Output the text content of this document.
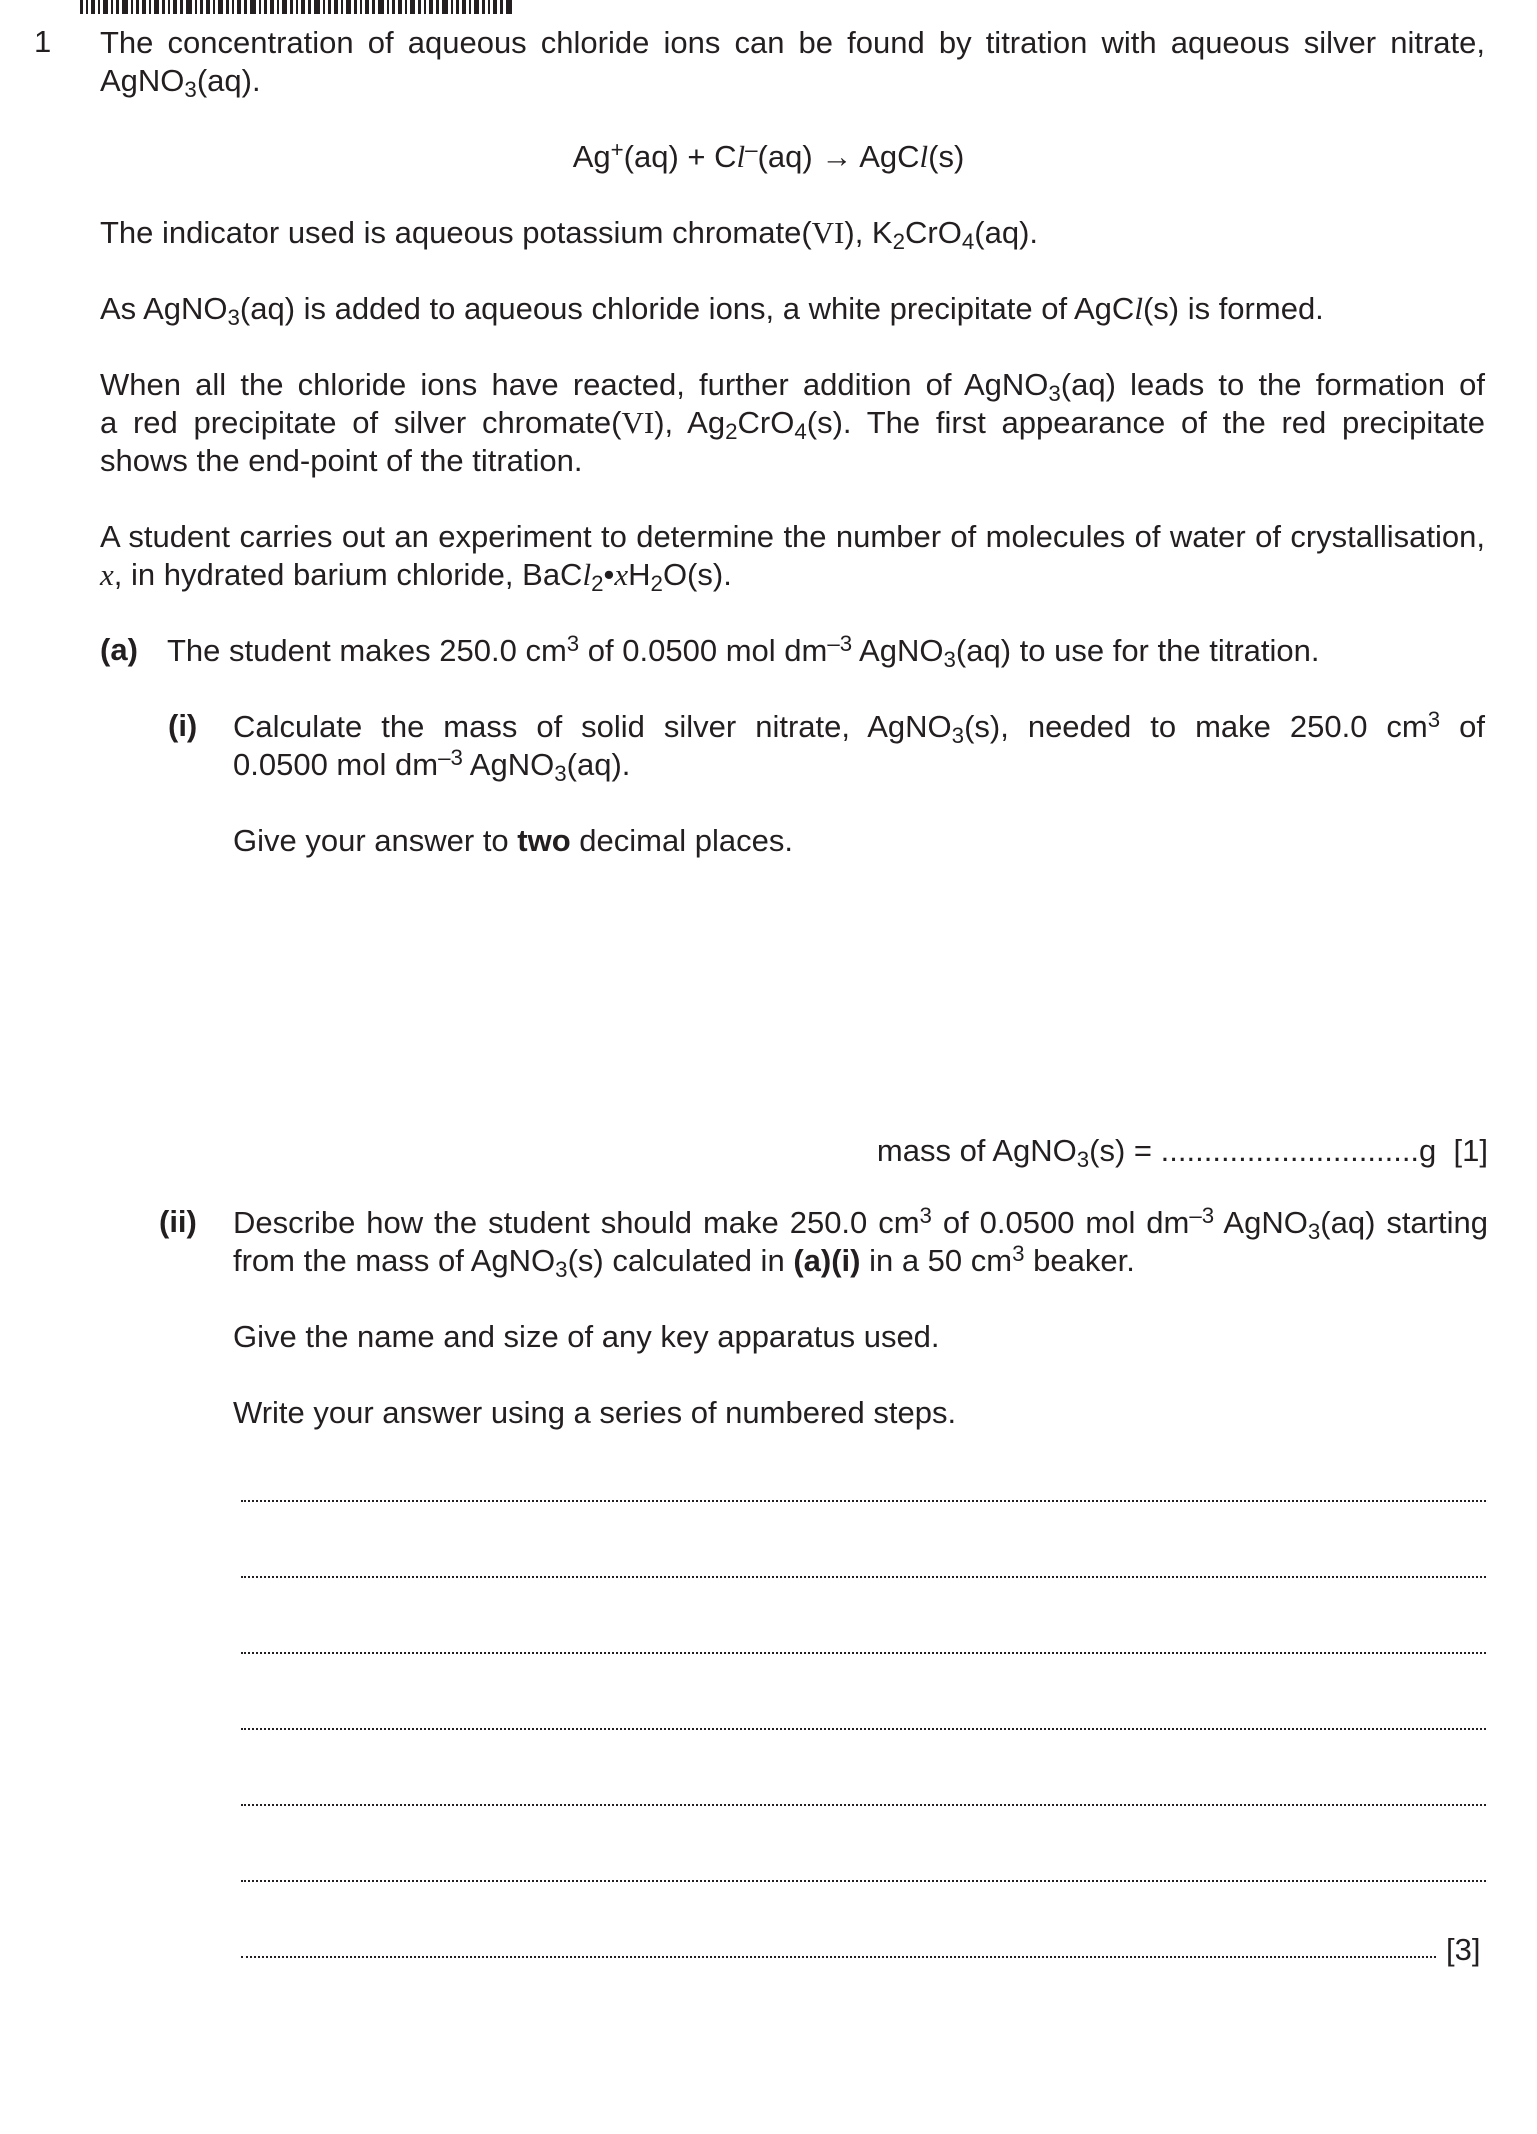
1 The concentration of aqueous chloride ions can be found by titration with aqueous silver nitrate,
AgNO$_3$(aq).
Ag+(aq) + Cl–(aq) → AgCl(s)
The indicator used is aqueous potassium chromate(VI), $K_2CrO_4(aq)$.
As AgNO$_3$(aq) is added to aqueous chloride ions, a white precipitate of AgCl(s) is formed.
When all the chloride ions have reacted, further addition of AgNO$_3$(aq) leads to the formation of
a red precipitate of silver chromate(VI), $Ag_2CrO_4(s)$. The first appearance of the red precipitate
shows the end-point of the titration.
A student carries out an experiment to determine the number of molecules of water of crystallisation,
x, in hydrated barium chloride, $BaCl_2•xH_2O(s)$.
(a) The student makes 250.0 $cm^3$ of 0.0500 mol $dm^{-3}$ AgNO$_3$(aq) to use for the titration.
(i) Calculate the mass of solid silver nitrate, AgNO$_3$(s), needed to make 250.0 $cm^3$ of
0.0500 mol $dm^{-3}$ AgNO$_3$(aq).
Give your answer to two decimal places.
mass of AgNO$_3$(s) = ..............................g [1]
(ii) Describe how the student should make 250.0 $cm^3$ of 0.0500 mol $dm^{-3}$ AgNO$_3$(aq) starting
from the mass of AgNO$_3$(s) calculated in (a)(i) in a 50 $cm^3$ beaker.
Give the name and size of any key apparatus used.
Write your answer using a series of numbered steps.
[3]
